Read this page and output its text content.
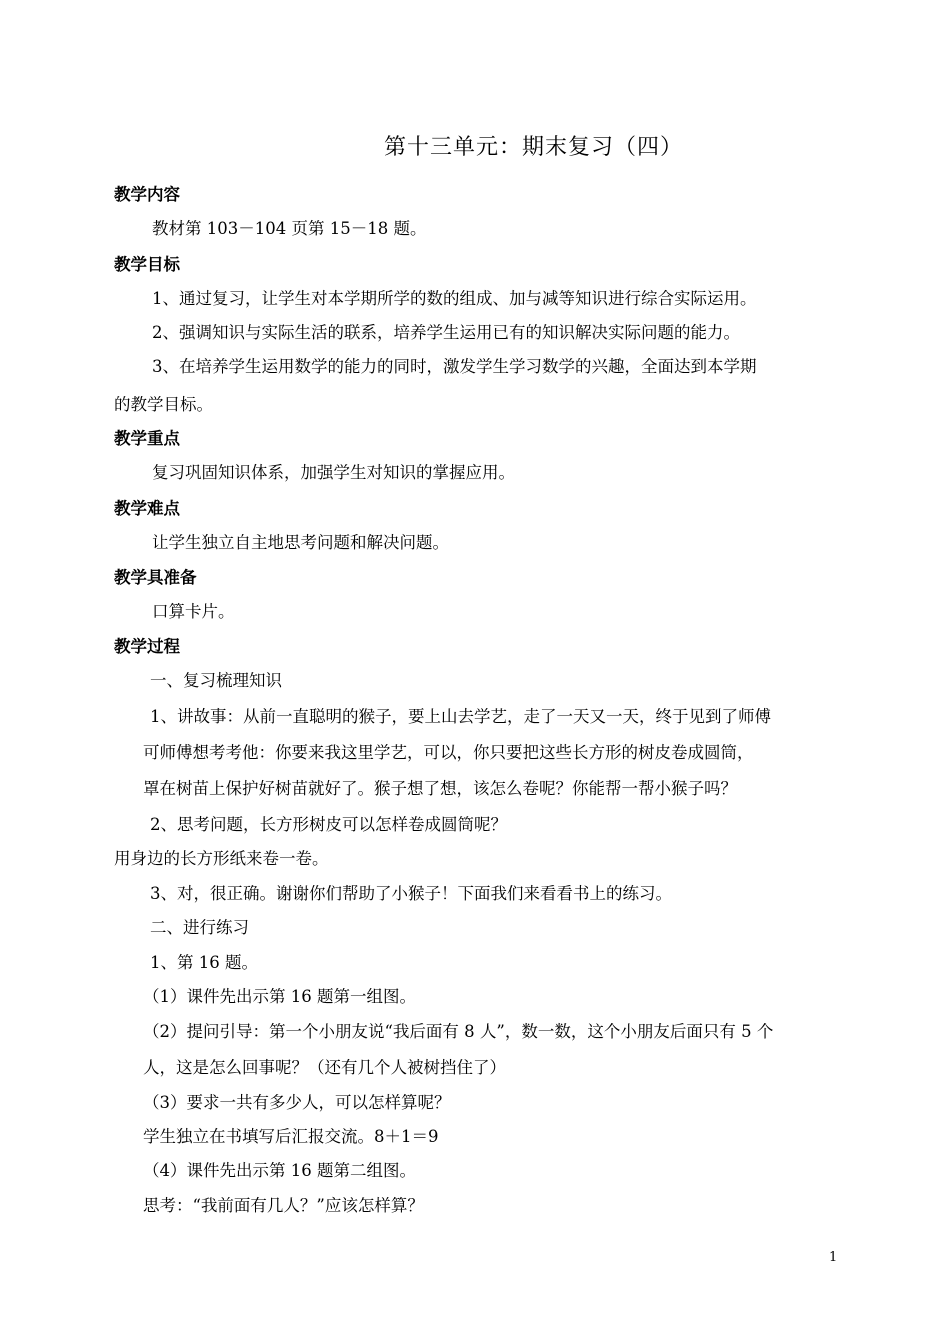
第十三单元：期末复习（四）
教学内容
教材第 103－104 页第 15－18 题。
教学目标
1、通过复习，让学生对本学期所学的数的组成、加与减等知识进行综合实际运用。
2、强调知识与实际生活的联系，培养学生运用已有的知识解决实际问题的能力。
3、在培养学生运用数学的能力的同时，激发学生学习数学的兴趣，全面达到本学期
的教学目标。
教学重点
复习巩固知识体系，加强学生对知识的掌握应用。
教学难点
让学生独立自主地思考问题和解决问题。
教学具准备
口算卡片。
教学过程
一、复习梳理知识
1、讲故事：从前一直聪明的猴子，要上山去学艺，走了一天又一天，终于见到了师傅
可师傅想考考他：你要来我这里学艺，可以，你只要把这些长方形的树皮卷成圆筒，
罩在树苗上保护好树苗就好了。猴子想了想，该怎么卷呢？你能帮一帮小猴子吗？
2、思考问题，长方形树皮可以怎样卷成圆筒呢？
用身边的长方形纸来卷一卷。
3、对，很正确。谢谢你们帮助了小猴子！下面我们来看看书上的练习。
二、进行练习
1、第 16 题。
（1）课件先出示第 16 题第一组图。
（2）提问引导：第一个小朋友说“我后面有 8 人”，数一数，这个小朋友后面只有 5 个
人，这是怎么回事呢？（还有几个人被树挡住了）
（3）要求一共有多少人，可以怎样算呢？
学生独立在书填写后汇报交流。8＋1＝9
（4）课件先出示第 16 题第二组图。
思考：“我前面有几人？”应该怎样算？
1
